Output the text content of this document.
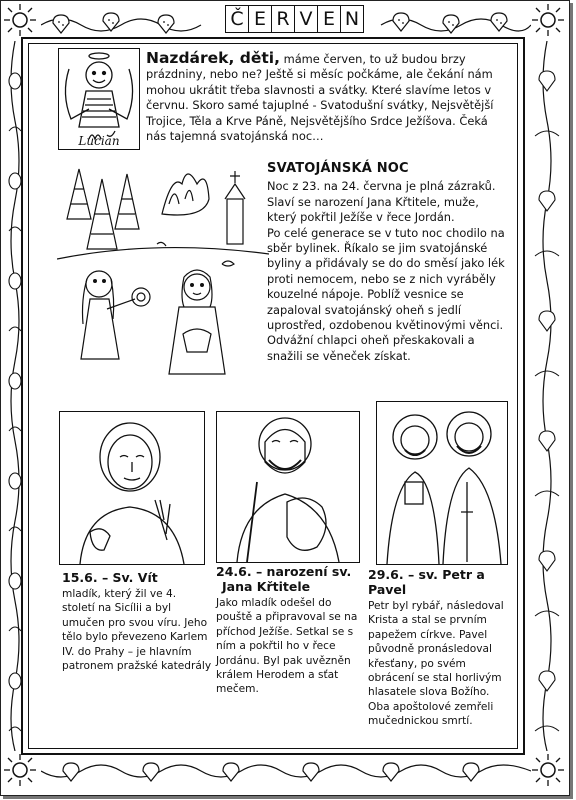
Č E R V E N
Lucian
Nazdárek, děti, máme červen, to už budou brzy
prázdniny, nebo ne? Ještě si měsíc počkáme, ale čekání nám
mohou ukrátit třeba slavnosti a svátky. Které slavíme letos v
červnu. Skoro samé tajuplné - Svatodušní svátky, Nejsvětější
Trojice, Těla a Krve Páně, Nejsvětějšího Srdce Ježíšova. Čeká
nás tajemná svatojánská noc…
SVATOJÁNSKÁ NOC
Noc z 23. na 24. června je plná zázraků.
Slaví se narození Jana Křtitele, muže,
který pokřtil Ježíše v řece Jordán.
Po celé generace se v tuto noc chodilo na
sběr bylinek. Říkalo se jim svatojánské
byliny a přidávaly se do do směsí jako lék
proti nemocem, nebo se z nich vyráběly
kouzelné nápoje. Poblíž vesnice se
zapaloval svatojánský oheň s jedlí
uprostřed, ozdobenou květinovými věnci.
Odvážní chlapci oheň přeskakovali a
snažili se věneček získat.
15.6. – Sv. Vít
mladík, který žil ve 4.
století na Sicílii a byl
umučen pro svou víru. Jeho
tělo bylo převezeno Karlem
IV. do Prahy – je hlavním
patronem pražské katedrály
24.6. – narození sv.
Jana Křtitele
Jako mladík odešel do
pouště a připravoval se na
příchod Ježíše. Setkal se s
ním a pokřtil ho v řece
Jordánu. Byl pak uvězněn
králem Herodem a sťat
mečem.
29.6. – sv. Petr a
Pavel
Petr byl rybář, následoval
Krista a stal se prvním
papežem církve. Pavel
původně pronásledoval
křesťany, po svém
obrácení se stal horlivým
hlasatele slova Božího.
Oba apoštolové zemřeli
mučednickou smrtí.
